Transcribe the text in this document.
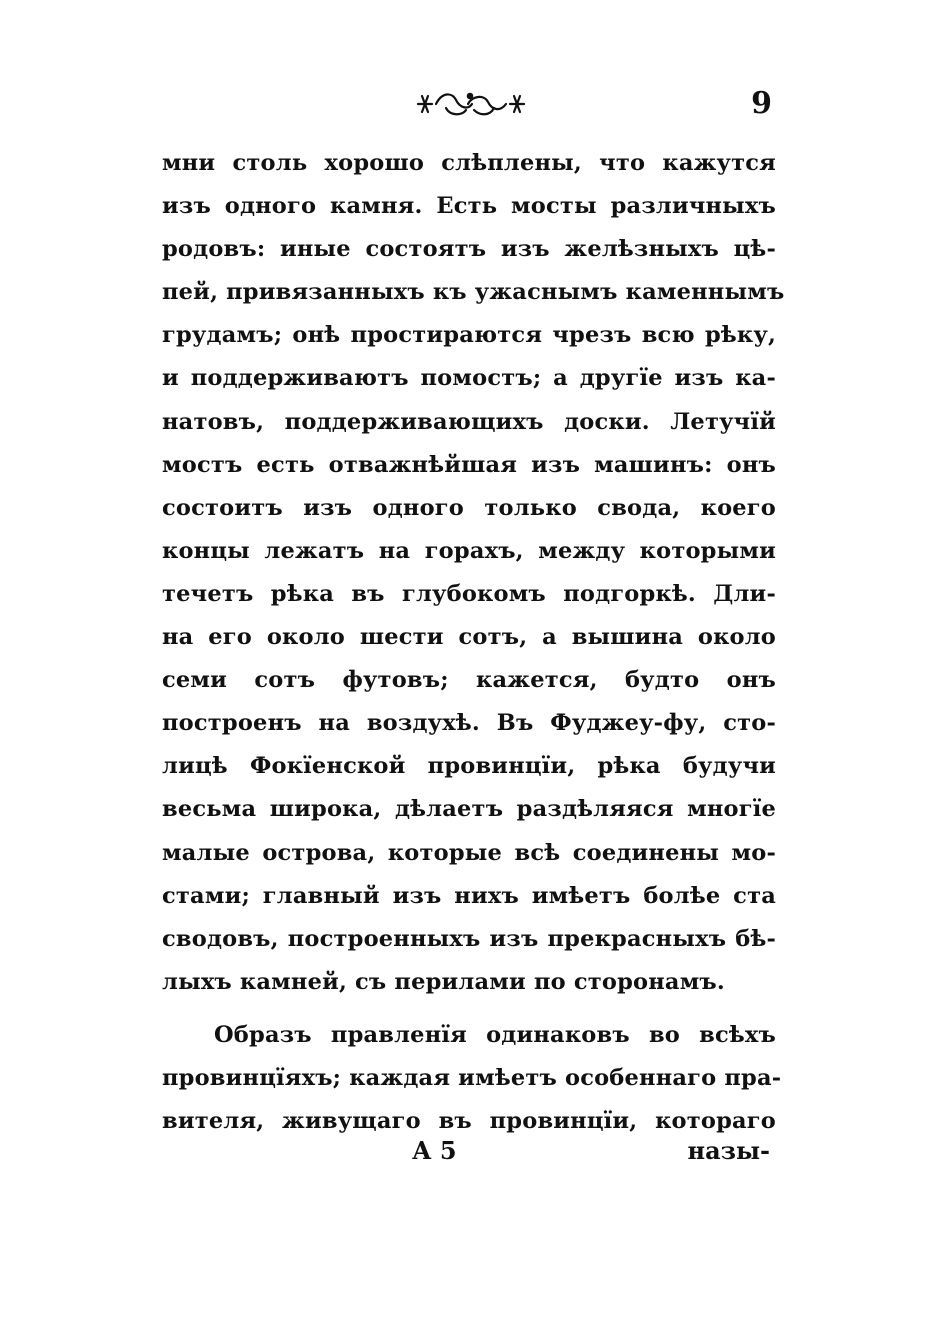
9
мни столь хорошо слѣплены, что кажутся
изъ одного камня. Есть мосты различныхъ
родовъ: иные состоятъ изъ желѣзныхъ цѣ-
пей, привязанныхъ къ ужаснымъ каменнымъ
грудамъ; онѣ простираются чрезъ всю рѣку,
и поддерживаютъ помостъ; а другїе изъ ка-
натовъ, поддерживающихъ доски. Летучїй
мостъ есть отважнѣйшая изъ машинъ: онъ
состоитъ изъ одного только свода, коего
концы лежатъ на горахъ, между которыми
течетъ рѣка въ глубокомъ подгоркѣ. Дли-
на его около шести сотъ, а вышина около
семи сотъ футовъ; кажется, будто онъ
построенъ на воздухѣ. Въ Фуджеу-фу, сто-
лицѣ Фокїенской провинцїи, рѣка будучи
весьма широка, дѣлаетъ раздѣляяся многїе
малые острова, которые всѣ соединены мо-
стами; главный изъ нихъ имѣетъ болѣе ста
сводовъ, построенныхъ изъ прекрасныхъ бѣ-
лыхъ камней, съ перилами по сторонамъ.
Образъ правленїя одинаковъ во всѣхъ
провинцїяхъ; каждая имѣетъ особеннаго пра-
вителя, живущаго въ провинцїи, котораго
А 5	назы-
